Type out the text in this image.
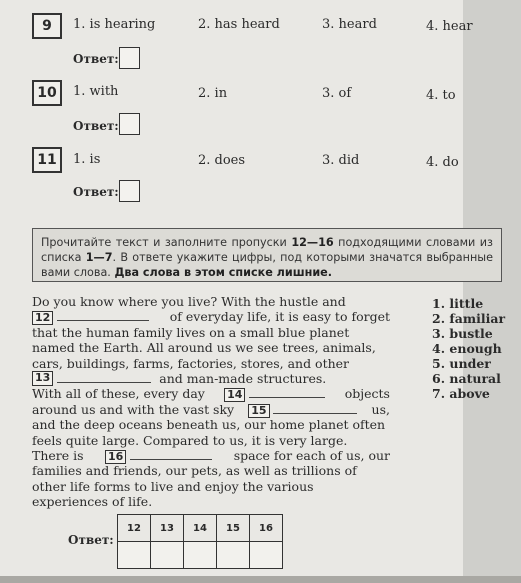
9	1. is hearing	2. has heard	3. heard	4. hear
Ответ:
10	1. with	2. in	3. of	4. to
Ответ:
11	1. is	2. does	3. did	4. do
Ответ:
Прочитайте текст и заполните пропуски 12—16 подходящими словами из списка 1—7. В ответе укажите цифры, под которыми значатся выбранные вами слова. Два слова в этом списке лишние.
Do you know where you live? With the hustle and
12	of everyday life, it is easy to forget
that the human family lives on a small blue planet
named the Earth. All around us we see trees, animals,
cars, buildings, farms, factories, stores, and other
13

	and man-made structures.
With all of these, every day 14	objects
around us and with the vast sky 15	us,
and the deep oceans beneath us, our home planet often
feels quite large. Compared to us, it is very large.
There is 16	space for each of us, our
families and friends, our pets, as well as trillions of
other life forms to live and enjoy the various
experiences of life.
1. little
2. familiar
3. bustle
4. enough
5. under
6. natural
7. above
Ответ:
12	13	14	15	16
